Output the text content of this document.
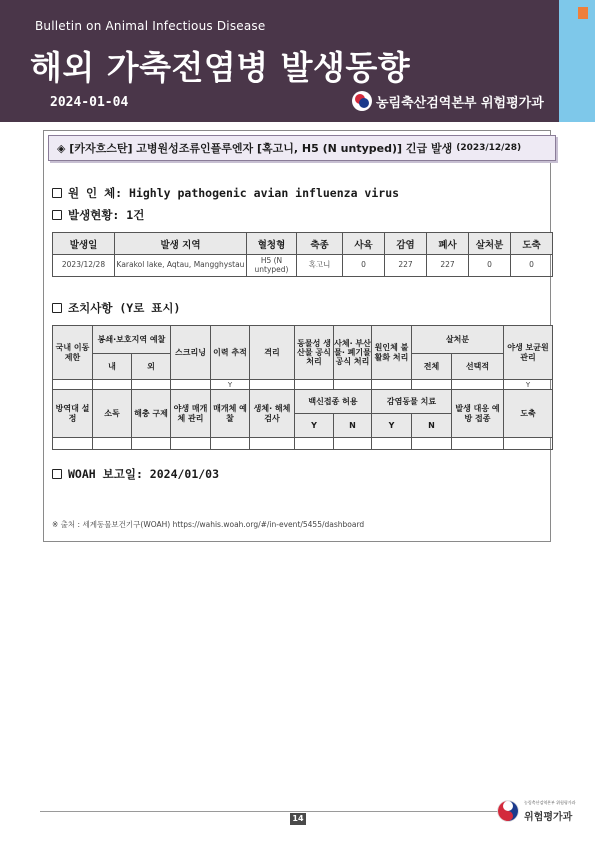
Bulletin on Animal Infectious Disease
해외 가축전염병 발생동향
2024-01-04	농림축산검역본부 위험평가과
◈ [카자흐스탄] 고병원성조류인플루엔자 [혹고니, H5 (N untyped)] 긴급 발생 (2023/12/28)
원 인 체: Highly pathogenic avian influenza virus
발생현황: 1건
발생일	발생 지역	혈청형	축종	사육	감염	폐사	살처분	도축
2023/12/28	Karakol lake, Aqtau, Mangghystau	H5 (N untyped)	혹고니	0	227	227	0	0
조치사항 (Y로 표시)
국내 이동 제한	봉쇄·보호지역 예찰		스크리닝	이력 추적	격리	동물성 생산물 공식 처리	사체· 부산물· 폐기물 공식 처리	원인체 불활화 처리	살처분		야생 보균원 관리
	내	외							전체	선택적	
				Y							Y
방역대 설정	소독	해충 구제	야생 매개체 관리	매개체 예찰	생체· 해체 검사	백신접종 허용		감염동물 치료		발생 대응 예방 접종	도축
						Y	N	Y	N		

WOAH 보고일: 2024/01/03
※ 출처 : 세계동물보건기구(WOAH) https://wahis.woah.org/#/in-event/5455/dashboard
14
농림축산검역본부 위험평가과
위험평가과
